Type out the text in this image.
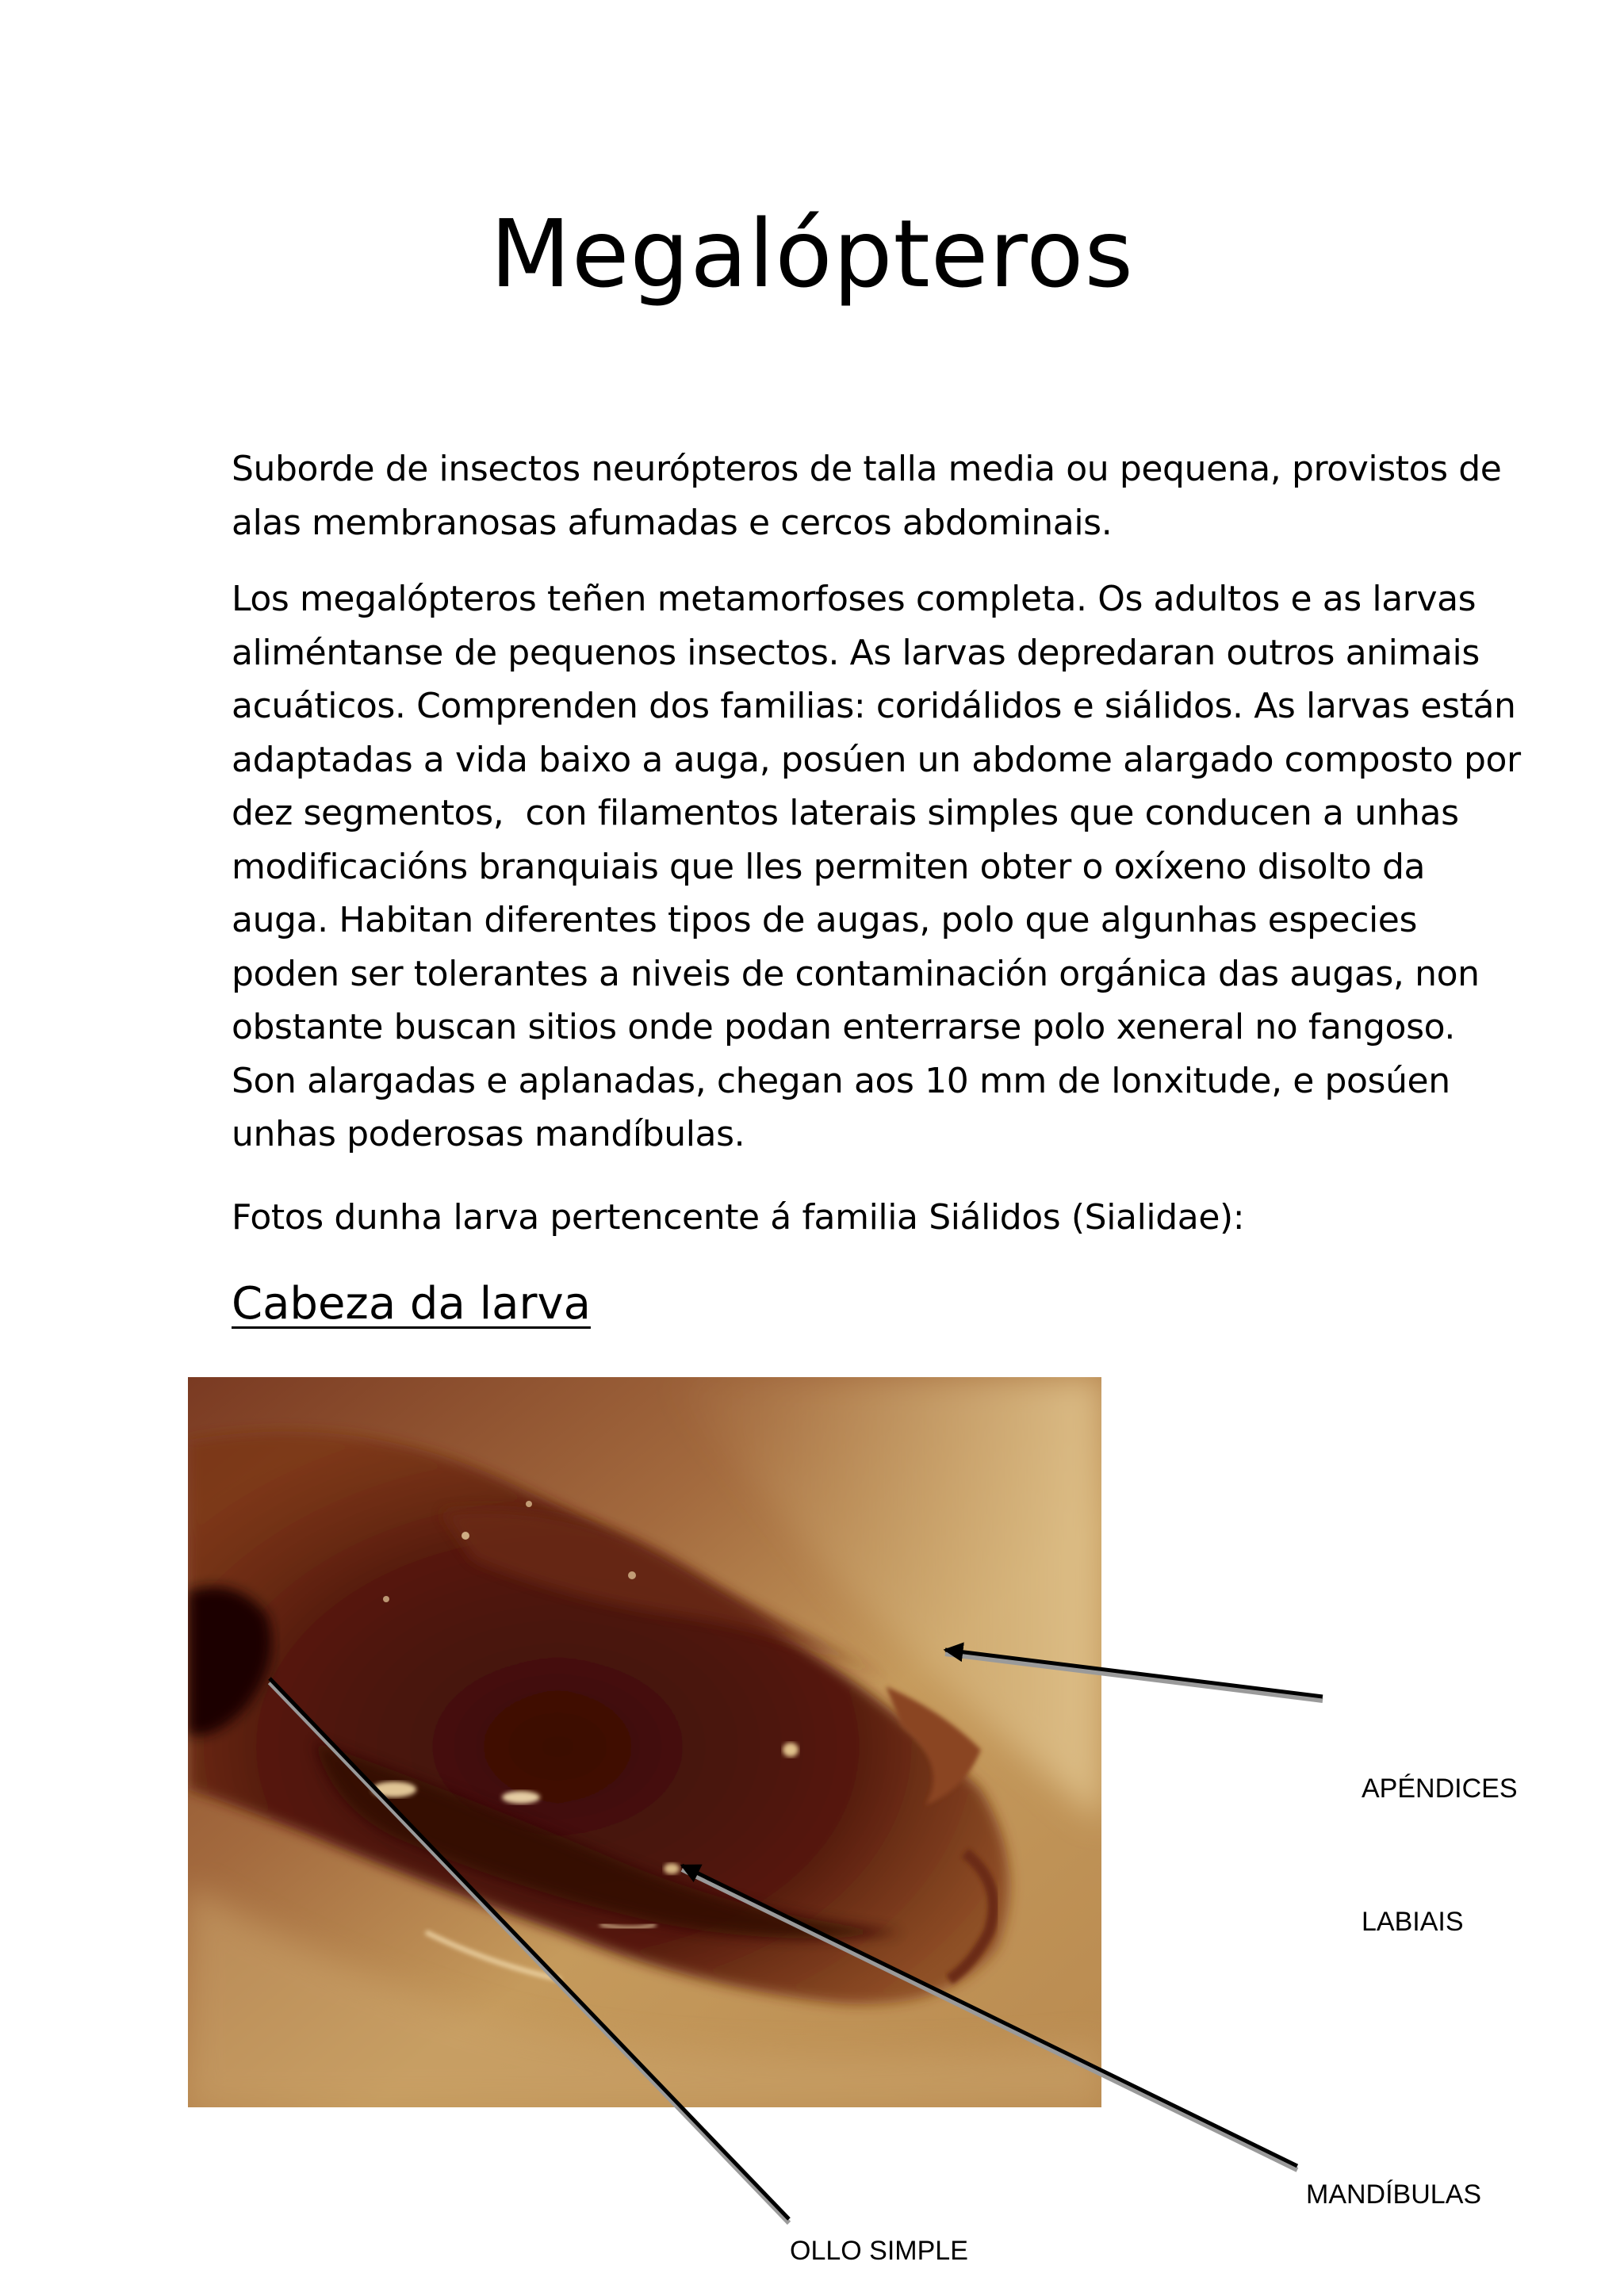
Megalópteros
Suborde de insectos neurópteros de talla media ou pequena, provistos de
alas membranosas afumadas e cercos abdominais.
Los megalópteros teñen metamorfoses completa. Os adultos e as larvas
aliméntanse de pequenos insectos. As larvas depredaran outros animais
acuáticos. Comprenden dos familias: coridálidos e siálidos. As larvas están
adaptadas a vida baixo a auga, posúen un abdome alargado composto por
dez segmentos,  con filamentos laterais simples que conducen a unhas
modificacións branquiais que lles permiten obter o oxíxeno disolto da
auga. Habitan diferentes tipos de augas, polo que algunhas especies
poden ser tolerantes a niveis de contaminación orgánica das augas, non
obstante buscan sitios onde podan enterrarse polo xeneral no fangoso.
Son alargadas e aplanadas, chegan aos 10 mm de lonxitude, e posúen
unhas poderosas mandíbulas.
Fotos dunha larva pertencente á familia Siálidos (Sialidae):
Cabeza da larva

APÉNDICES

LABIAIS

MANDÍBULAS
OLLO SIMPLE
